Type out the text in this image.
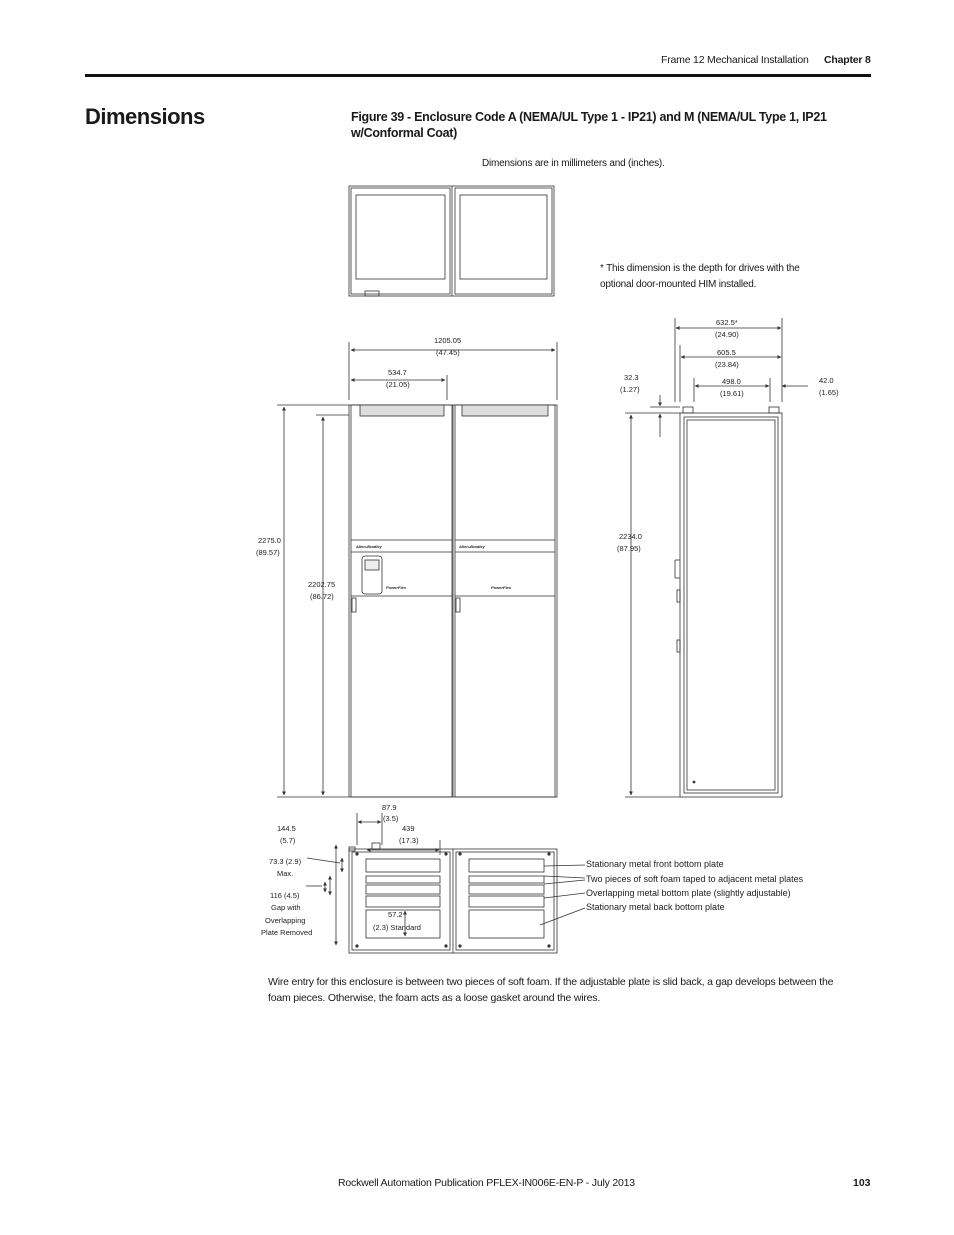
Frame 12 Mechanical Installation Chapter 8
Dimensions	Figure 39 - Enclosure Code A (NEMA/UL Type 1 - IP21) and M (NEMA/UL Type 1, IP21 w/Conformal Coat)
Dimensions are in millimeters and (inches).
* This dimension is the depth for drives with the optional door-mounted HIM installed.
Allen-Bradley	Allen-Bradley
PowerFlex	PowerFlex
1205.05
(47.45)
534.7
(21.05)
2275.0
(89.57)
2202.75
(86.72)
632.5*
(24.90)
605.5
(23.84)
498.0
(19.61)
42.0
(1.65)
32.3
(1.27)
2234.0
(87.95)
87.9
(3.5)
439
(17.3)
144.5
(5.7)
73.3 (2.9)
Max.
116 (4.5)
Gap with
Overlapping
Plate Removed
57.2
(2.3) Standard
Stationary metal front bottom plate
Two pieces of soft foam taped to adjacent metal plates
Overlapping metal bottom plate (slightly adjustable)
Stationary metal back bottom plate
Wire entry for this enclosure is between two pieces of soft foam. If the adjustable plate is slid back, a gap develops between the foam pieces. Otherwise, the foam acts as a loose gasket around the wires.
Rockwell Automation Publication PFLEX-IN006E-EN-P - July 2013	103
